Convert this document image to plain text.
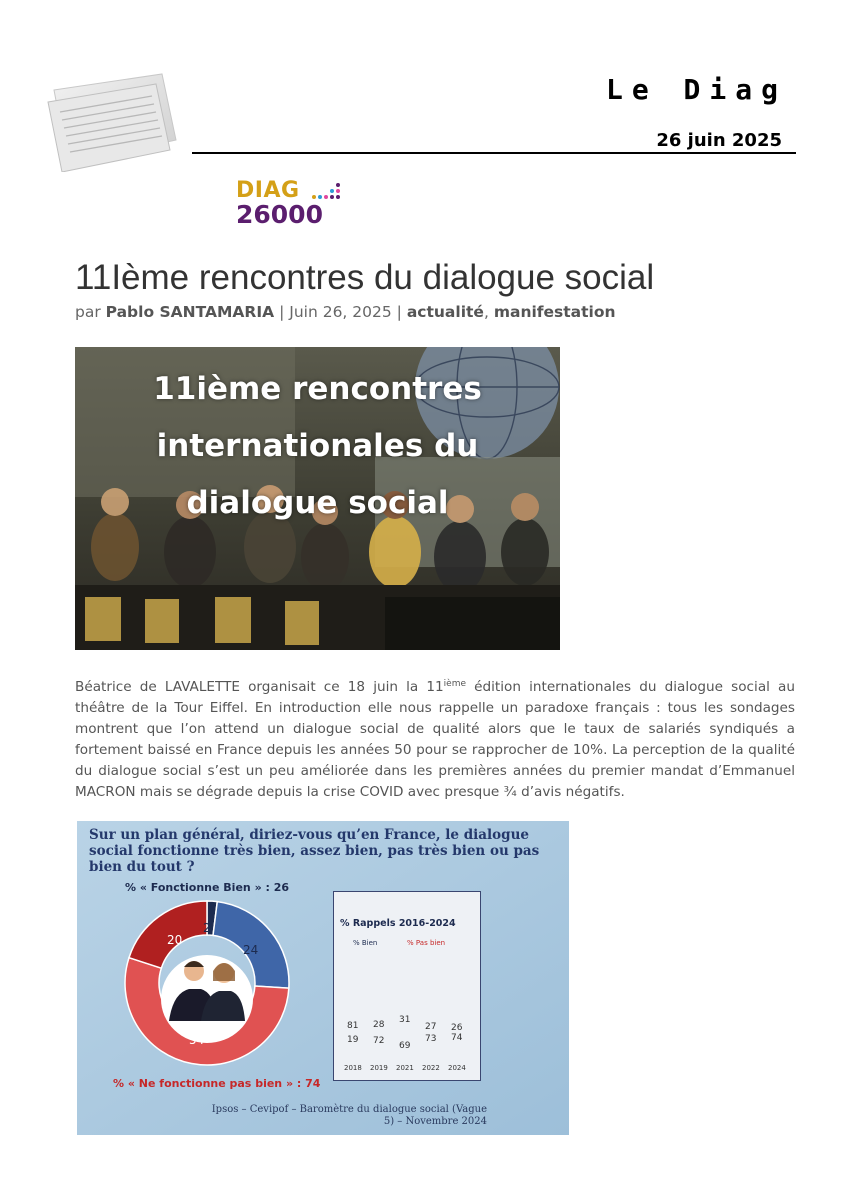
Le Diag
26 juin 2025
DIAG
26000
11Ième rencontres du dialogue social
par Pablo SANTAMARIA | Juin 26, 2025 | actualité, manifestation
11ième rencontres
internationales du
dialogue social

Béatrice de LAVALETTE organisait ce 18 juin la 11ième édition internationales du dialogue social au théâtre de la Tour Eiffel. En introduction elle nous rappelle un paradoxe français : tous les sondages montrent que l’on attend un dialogue social de qualité alors que le taux de salariés syndiqués a fortement baissé en France depuis les années 50 pour se rapprocher de 10%. La perception de la qualité du dialogue social s’est un peu améliorée dans les premières années du premier mandat d’Emmanuel MACRON mais se dégrade depuis la crise COVID avec presque ¾ d’avis négatifs.

Sur un plan général, diriez-vous qu’en France, le dialogue social fonctionne très bien, assez bien, pas très bien ou pas bien du tout ?
% « Fonctionne Bien » : 26
% « Ne fonctionne pas bien » : 74
2
24
54
20
% Rappels 2016-2024
% Bien	% Pas bien
19
28 31
27 26
81
72 69
73 74
2018 2019 2021 2022 2024
Ipsos – Cevipof – Baromètre du dialogue social (Vague 5) – Novembre 2024
